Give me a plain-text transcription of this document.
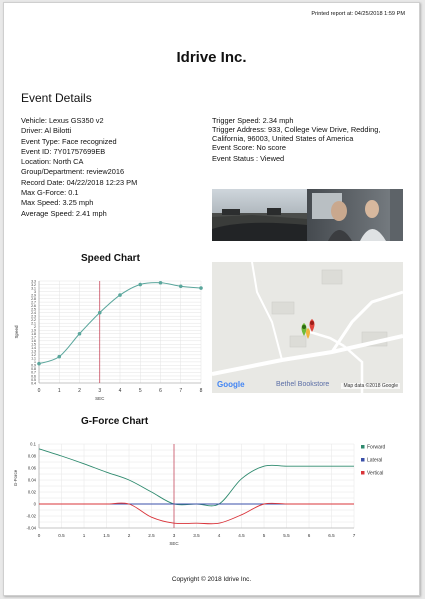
Printed report at: 04/25/2018 1:59 PM
Idrive Inc.
Event Details
Vehicle: Lexus GS350 v2
Driver: Al Bilotti
Event Type: Face recognized
Event ID: 7Y01757699EB
Location: North CA
Group/Department: review2016
Record Date: 04/22/2018 12:23 PM
Max G-Force: 0.1
Max Speed: 3.25 mph
Average Speed: 2.41 mph
Trigger Speed: 2.34 mph
Trigger Address: 933, College View Drive, Redding, California, 96003, United States of America
Event Score: No score
Event Status : Viewed
Google	Bethel Bookstore	Map data ©2018 Google
Speed Chart
0.4
0.5
0.6
0.7
0.8
0.9
1
1.1
1.2
1.3
1.4
1.5
1.6
1.7
1.8
1.9
2
2.1
2.2
2.3
2.4
2.5
2.6
2.7
2.8
2.9
3
3.1
3.2
3.3
0	1	2	3	4	5	6	7	8
Speed
SEC
G-Force Chart
-0.04
-0.02
0
0.02
0.04
0.06
0.08
0.1
0	0.5	1	1.5	2	2.5	3	3.5	4	4.5	5	5.5	6	6.5	7
Forward
Lateral
Vertical
G-Force
SEC
Copyright © 2018 Idrive Inc.
